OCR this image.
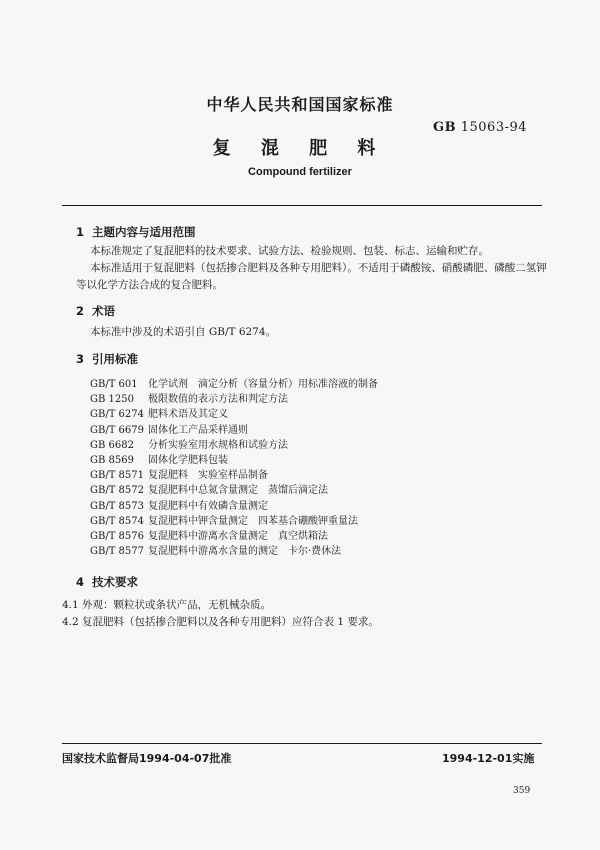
中华人民共和国国家标准
GB 15063-94
复 混 肥 料
Compound fertilizer
1 主题内容与适用范围
本标准规定了复混肥料的技术要求、试验方法、检验规则、包装、标志、运输和贮存。
本标准适用于复混肥料（包括掺合肥料及各种专用肥料）。不适用于磷酸铵、硝酸磷肥、磷酸二氢钾
等以化学方法合成的复合肥料。
2 术语
本标准中涉及的术语引自 GB/T 6274。
3 引用标准
GB/T 601 化学试剂　滴定分析（容量分析）用标准溶液的制备
GB 1250 极限数值的表示方法和判定方法
GB/T 6274 肥料术语及其定义
GB/T 6679 固体化工产品采样通则
GB 6682 分析实验室用水规格和试验方法
GB 8569 固体化学肥料包装
GB/T 8571 复混肥料　实验室样品制备
GB/T 8572 复混肥料中总氮含量测定　蒸馏后滴定法
GB/T 8573 复混肥料中有效磷含量测定
GB/T 8574 复混肥料中钾含量测定　四苯基合硼酸钾重量法
GB/T 8576 复混肥料中游离水含量测定　真空烘箱法
GB/T 8577 复混肥料中游离水含量的测定　卡尔·费休法
4 技术要求
4.1 外观：颗粒状或条状产品，无机械杂质。
4.2 复混肥料（包括掺合肥料以及各种专用肥料）应符合表 1 要求。
国家技术监督局1994-04-07批准	1994-12-01实施
359
